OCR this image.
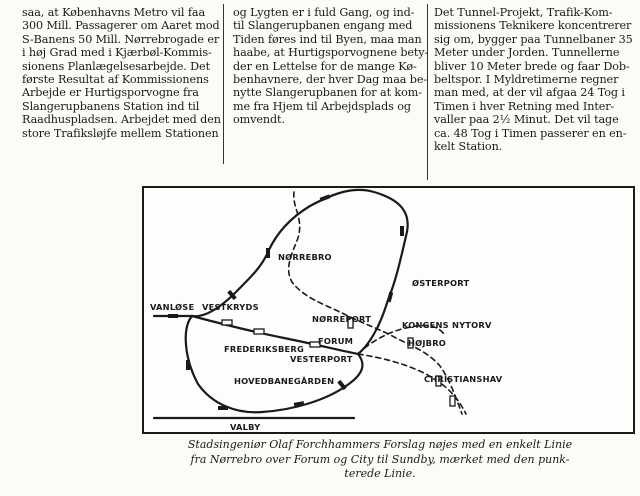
saa, at Københavns Metro vil faa
300 Mill. Passagerer om Aaret mod
S-Banens 50 Mill. Nørrebrogade er
i høj Grad med i Kjærbøl-Kommis-
sionens Planlægelsesarbejde. Det
første Resultat af Kommissionens
Arbejde er Hurtigsporvogne fra
Slangerupbanens Station ind til
Raadhuspladsen. Arbejdet med den
store Trafiksløjfe mellem Stationen
og Lygten er i fuld Gang, og ind-
til Slangerupbanen engang med
Tiden føres ind til Byen, maa man
haabe, at Hurtigsporvognene bety-
der en Lettelse for de mange Kø-
benhavnere, der hver Dag maa be-
nytte Slangerupbanen for at kom-
me fra Hjem til Arbejdsplads og
omvendt.
Det Tunnel-Projekt, Trafik-Kom-
missionens Teknikere koncentrerer
sig om, bygger paa Tunnelbaner 35
Meter under Jorden. Tunnellerne
bliver 10 Meter brede og faar Dob-
beltspor. I Myldretimerne regner
man med, at der vil afgaa 24 Tog i
Timen i hver Retning med Inter-
valler paa 2½ Minut. Det vil tage
ca. 48 Tog i Timen passerer en en-
kelt Station.
VANLØSE VESTKRYDS
NØRREBRO
ØSTERPORT
NØRREPORT
KONGENS NYTORV
FORUM
FREDERIKSBERG
VESTERPORT
HØJBRO
HOVEDBANEGÅRDEN	CHRISTIANSHAV
VALBY
Stadsingeniør Olaf Forchhammers Forslag nøjes med en enkelt Linie
fra Nørrebro over Forum og City til Sundby, mærket med den punk-
terede Linie.
